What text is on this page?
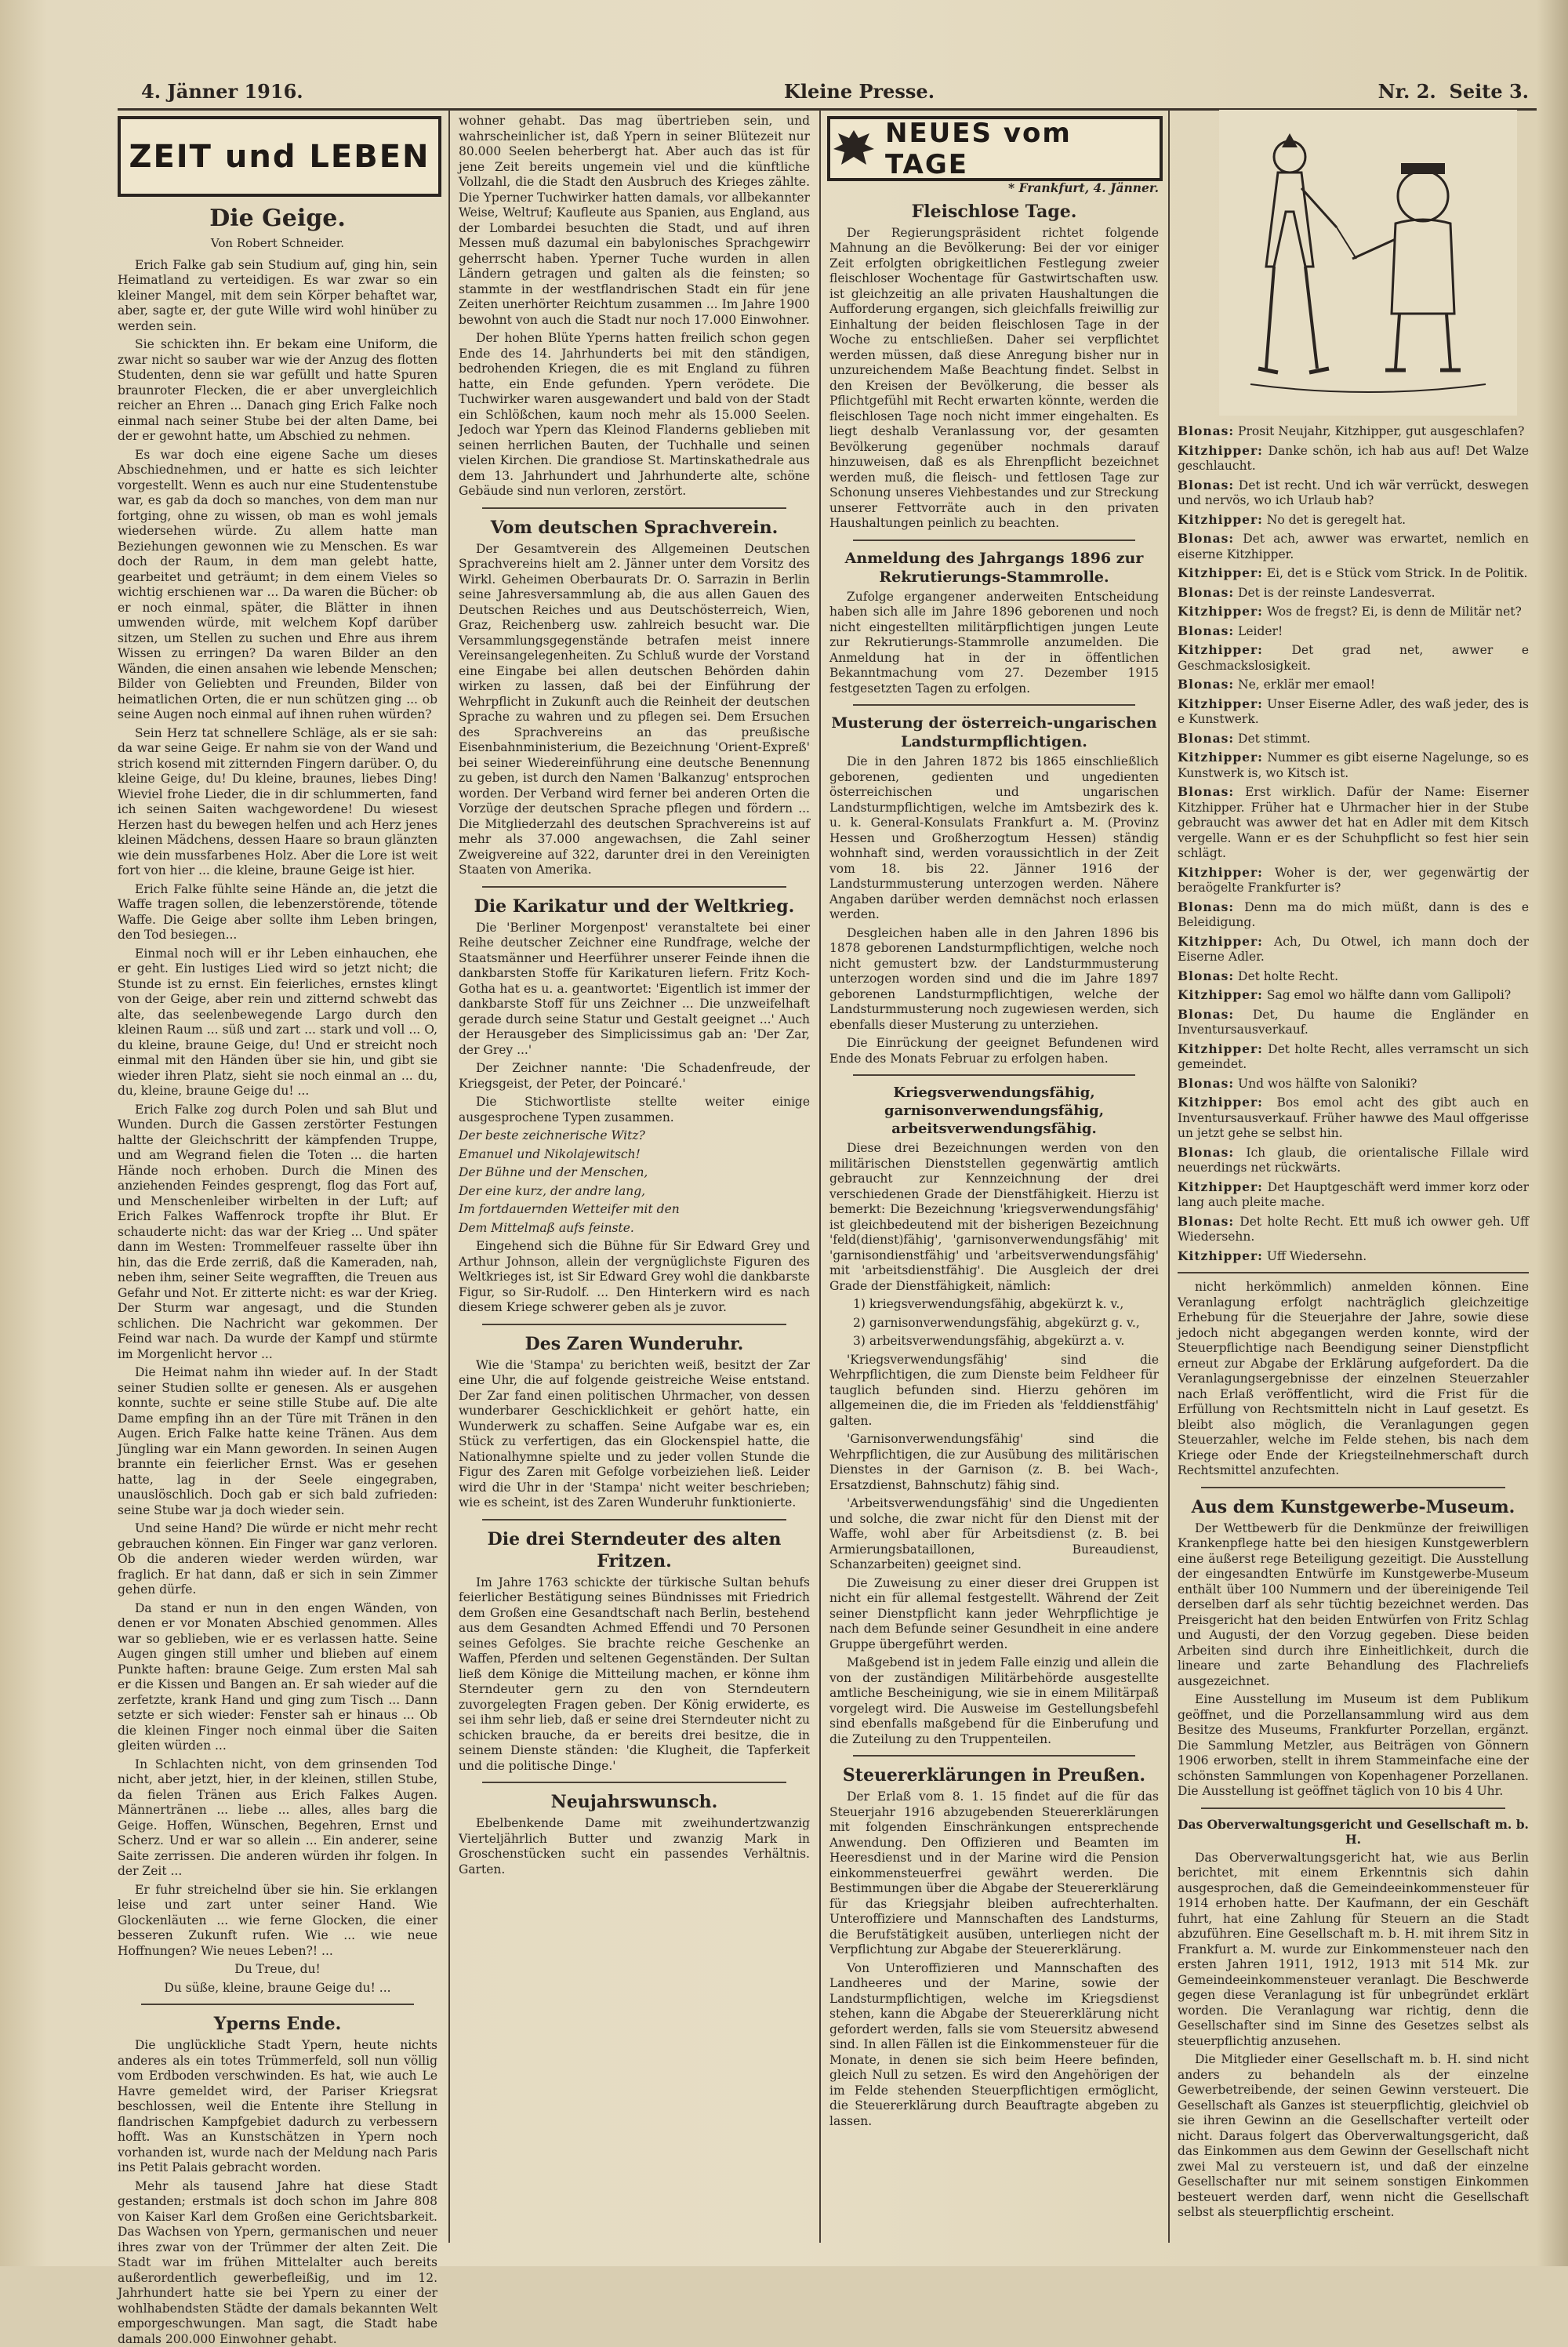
4. Jänner 1916.	Kleine Presse.	Nr. 2. Seite 3.
ZEIT und LEBEN
NEUES vom TAGE
Die Geige.
Von Robert Schneider.

Erich Falke gab sein Studium auf, ging hin, sein Heimatland zu verteidigen. Es war zwar so ein kleiner Mangel, mit dem sein Körper behaftet war, aber, sagte er, der gute Wille wird wohl hinüber zu werden sein.

Sie schickten ihn. Er bekam eine Uniform, die zwar nicht so sauber war wie der Anzug des flotten Studenten, denn sie war gefüllt und hatte Spuren braunroter Flecken, die er aber unvergleichlich reicher an Ehren ... Danach ging Erich Falke noch einmal nach seiner Stube bei der alten Dame, bei der er gewohnt hatte, um Abschied zu nehmen.

Es war doch eine eigene Sache um dieses Abschiednehmen, und er hatte es sich leichter vorgestellt. Wenn es auch nur eine Studentenstube war, es gab da doch so manches, von dem man nur fortging, ohne zu wissen, ob man es wohl jemals wiedersehen würde. Zu allem hatte man Beziehungen gewonnen wie zu Menschen. Es war doch der Raum, in dem man gelebt hatte, gearbeitet und geträumt; in dem einem Vieles so wichtig erschienen war ... Da waren die Bücher: ob er noch einmal, später, die Blätter in ihnen umwenden würde, mit welchem Kopf darüber sitzen, um Stellen zu suchen und Ehre aus ihrem Wissen zu erringen? Da waren Bilder an den Wänden, die einen ansahen wie lebende Menschen; Bilder von Geliebten und Freunden, Bilder von heimatlichen Orten, die er nun schützen ging ... ob seine Augen noch einmal auf ihnen ruhen würden?

Sein Herz tat schnellere Schläge, als er sie sah: da war seine Geige. Er nahm sie von der Wand und strich kosend mit zitternden Fingern darüber. O, du kleine Geige, du! Du kleine, braunes, liebes Ding! Wieviel frohe Lieder, die in dir schlummerten, fand ich seinen Saiten wachgewordene! Du wiesest Herzen hast du bewegen helfen und ach Herz jenes kleinen Mädchens, dessen Haare so braun glänzten wie dein mussfarbenes Holz. Aber die Lore ist weit fort von hier ... die kleine, braune Geige ist hier.

Erich Falke fühlte seine Hände an, die jetzt die Waffe tragen sollen, die lebenzerstörende, tötende Waffe. Die Geige aber sollte ihm Leben bringen, den Tod besiegen...

Einmal noch will er ihr Leben einhauchen, ehe er geht. Ein lustiges Lied wird so jetzt nicht; die Stunde ist zu ernst. Ein feierliches, ernstes klingt von der Geige, aber rein und zitternd schwebt das alte, das seelenbewegende Largo durch den kleinen Raum ... süß und zart ... stark und voll ... O, du kleine, braune Geige, du! Und er streicht noch einmal mit den Händen über sie hin, und gibt sie wieder ihren Platz, sieht sie noch einmal an ... du, du, kleine, braune Geige du! ...

Erich Falke zog durch Polen und sah Blut und Wunden. Durch die Gassen zerstörter Festungen haltte der Gleichschritt der kämpfenden Truppe, und am Wegrand fielen die Toten ... die harten Hände noch erhoben. Durch die Minen des anziehenden Feindes gesprengt, flog das Fort auf, und Menschenleiber wirbelten in der Luft; auf Erich Falkes Waffenrock tropfte ihr Blut. Er schauderte nicht: das war der Krieg ... Und später dann im Westen: Trommelfeuer rasselte über ihn hin, das die Erde zerriß, daß die Kameraden, nah, neben ihm, seiner Seite wegrafften, die Treuen aus Gefahr und Not. Er zitterte nicht: es war der Krieg. Der Sturm war angesagt, und die Stunden schlichen. Die Nachricht war gekommen. Der Feind war nach. Da wurde der Kampf und stürmte im Morgenlicht hervor ...

Die Heimat nahm ihn wieder auf. In der Stadt seiner Studien sollte er genesen. Als er ausgehen konnte, suchte er seine stille Stube auf. Die alte Dame empfing ihn an der Türe mit Tränen in den Augen. Erich Falke hatte keine Tränen. Aus dem Jüngling war ein Mann geworden. In seinen Augen brannte ein feierlicher Ernst. Was er gesehen hatte, lag in der Seele eingegraben, unauslöschlich. Doch gab er sich bald zufrieden: seine Stube war ja doch wieder sein.

Und seine Hand? Die würde er nicht mehr recht gebrauchen können. Ein Finger war ganz verloren. Ob die anderen wieder werden würden, war fraglich. Er hat dann, daß er sich in sein Zimmer gehen dürfe.

Da stand er nun in den engen Wänden, von denen er vor Monaten Abschied genommen. Alles war so geblieben, wie er es verlassen hatte. Seine Augen gingen still umher und blieben auf einem Punkte haften: braune Geige. Zum ersten Mal sah er die Kissen und Bangen an. Er sah wieder auf die zerfetzte, krank Hand und ging zum Tisch ... Dann setzte er sich wieder: Fenster sah er hinaus ... Ob die kleinen Finger noch einmal über die Saiten gleiten würden ...

In Schlachten nicht, von dem grinsenden Tod nicht, aber jetzt, hier, in der kleinen, stillen Stube, da fielen Tränen aus Erich Falkes Augen. Männertränen ... liebe ... alles, alles barg die Geige. Hoffen, Wünschen, Begehren, Ernst und Scherz. Und er war so allein ... Ein anderer, seine Saite zerrissen. Die anderen würden ihr folgen. In der Zeit ...

Er fuhr streichelnd über sie hin. Sie erklangen leise und zart unter seiner Hand. Wie Glockenläuten ... wie ferne Glocken, die einer besseren Zukunft rufen. Wie ... wie neue Hoffnungen? Wie neues Leben?! ...

Du Treue, du!

Du süße, kleine, braune Geige du! ...

Yperns Ende.

Die unglückliche Stadt Ypern, heute nichts anderes als ein totes Trümmerfeld, soll nun völlig vom Erdboden verschwinden. Es hat, wie auch Le Havre gemeldet wird, der Pariser Kriegsrat beschlossen, weil die Entente ihre Stellung in flandrischen Kampfgebiet dadurch zu verbessern hofft. Was an Kunstschätzen in Ypern noch vorhanden ist, wurde nach der Meldung nach Paris ins Petit Palais gebracht worden.

Mehr als tausend Jahre hat diese Stadt gestanden; erstmals ist doch schon im Jahre 808 von Kaiser Karl dem Großen eine Gerichtsbarkeit. Das Wachsen von Ypern, germanischen und neuer ihres zwar von der Trümmer der alten Zeit. Die Stadt war im frühen Mittelalter auch bereits außerordentlich gewerbefleißig, und im 12. Jahrhundert hatte sie bei Ypern zu einer der wohlhabendsten Städte der damals bekannten Welt emporgeschwungen. Man sagt, die Stadt habe damals 200.000 Einwohner gehabt.

wohner gehabt. Das mag übertrieben sein, und wahrscheinlicher ist, daß Ypern in seiner Blütezeit nur 80.000 Seelen beherbergt hat. Aber auch das ist für jene Zeit bereits ungemein viel und die künftliche Vollzahl, die die Stadt den Ausbruch des Krieges zählte. Die Yperner Tuchwirker hatten damals, vor allbekannter Weise, Weltruf; Kaufleute aus Spanien, aus England, aus der Lombardei besuchten die Stadt, und auf ihren Messen muß dazumal ein babylonisches Sprachgewirr geherrscht haben. Yperner Tuche wurden in allen Ländern getragen und galten als die feinsten; so stammte in der westflandrischen Stadt ein für jene Zeiten unerhörter Reichtum zusammen ... Im Jahre 1900 bewohnt von auch die Stadt nur noch 17.000 Einwohner.

Der hohen Blüte Yperns hatten freilich schon gegen Ende des 14. Jahrhunderts bei mit den ständigen, bedrohenden Kriegen, die es mit England zu führen hatte, ein Ende gefunden. Ypern verödete. Die Tuchwirker waren ausgewandert und bald von der Stadt ein Schlößchen, kaum noch mehr als 15.000 Seelen. Jedoch war Ypern das Kleinod Flanderns geblieben mit seinen herrlichen Bauten, der Tuchhalle und seinen vielen Kirchen. Die grandiose St. Martinskathedrale aus dem 13. Jahrhundert und Jahrhunderte alte, schöne Gebäude sind nun verloren, zerstört.

Vom deutschen Sprachverein.

Der Gesamtverein des Allgemeinen Deutschen Sprachvereins hielt am 2. Jänner unter dem Vorsitz des Wirkl. Geheimen Oberbaurats Dr. O. Sarrazin in Berlin seine Jahresversammlung ab, die aus allen Gauen des Deutschen Reiches und aus Deutschösterreich, Wien, Graz, Reichenberg usw. zahlreich besucht war. Die Versammlungsgegenstände betrafen meist innere Vereinsangelegenheiten. Zu Schluß wurde der Vorstand eine Eingabe bei allen deutschen Behörden dahin wirken zu lassen, daß bei der Einführung der Wehrpflicht in Zukunft auch die Reinheit der deutschen Sprache zu wahren und zu pflegen sei. Dem Ersuchen des Sprachvereins an das preußische Eisenbahnministerium, die Bezeichnung 'Orient-Expreß' bei seiner Wiedereinführung eine deutsche Benennung zu geben, ist durch den Namen 'Balkanzug' entsprochen worden. Der Verband wird ferner bei anderen Orten die Vorzüge der deutschen Sprache pflegen und fördern ... Die Mitgliederzahl des deutschen Sprachvereins ist auf mehr als 37.000 angewachsen, die Zahl seiner Zweigvereine auf 322, darunter drei in den Vereinigten Staaten von Amerika.

Die Karikatur und der Weltkrieg.

Die 'Berliner Morgenpost' veranstaltete bei einer Reihe deutscher Zeichner eine Rundfrage, welche der Staatsmänner und Heerführer unserer Feinde ihnen die dankbarsten Stoffe für Karikaturen liefern. Fritz Koch-Gotha hat es u. a. geantwortet: 'Eigentlich ist immer der dankbarste Stoff für uns Zeichner ... Die unzweifelhaft gerade durch seine Statur und Gestalt geeignet ...' Auch der Herausgeber des Simplicissimus gab an: 'Der Zar, der Grey ...'

Der Zeichner nannte: 'Die Schadenfreude, der Kriegsgeist, der Peter, der Poincaré.'

Die Stichwortliste stellte weiter einige ausgesprochene Typen zusammen.

Der beste zeichnerische Witz?

Emanuel und Nikolajewitsch!

Der Bühne und der Menschen,

Der eine kurz, der andre lang,

Im fortdauernden Wetteifer mit den

Dem Mittelmaß aufs feinste.

Eingehend sich die Bühne für Sir Edward Grey und Arthur Johnson, allein der vergnüglichste Figuren des Weltkrieges ist, ist Sir Edward Grey wohl die dankbarste Figur, so Sir-Rudolf. ... Den Hinterkern wird es nach diesem Kriege schwerer geben als je zuvor.

Des Zaren Wunderuhr.

Wie die 'Stampa' zu berichten weiß, besitzt der Zar eine Uhr, die auf folgende geistreiche Weise entstand. Der Zar fand einen politischen Uhrmacher, von dessen wunderbarer Geschicklichkeit er gehört hatte, ein Wunderwerk zu schaffen. Seine Aufgabe war es, ein Stück zu verfertigen, das ein Glockenspiel hatte, die Nationalhymne spielte und zu jeder vollen Stunde die Figur des Zaren mit Gefolge vorbeiziehen ließ. Leider wird die Uhr in der 'Stampa' nicht weiter beschrieben; wie es scheint, ist des Zaren Wunderuhr funktionierte.

Die drei Sterndeuter des alten Fritzen.

Im Jahre 1763 schickte der türkische Sultan behufs feierlicher Bestätigung seines Bündnisses mit Friedrich dem Großen eine Gesandtschaft nach Berlin, bestehend aus dem Gesandten Achmed Effendi und 70 Personen seines Gefolges. Sie brachte reiche Geschenke an Waffen, Pferden und seltenen Gegenständen. Der Sultan ließ dem Könige die Mitteilung machen, er könne ihm Sterndeuter gern zu den von Sterndeutern zuvorgelegten Fragen geben. Der König erwiderte, es sei ihm sehr lieb, daß er seine drei Sterndeuter nicht zu schicken brauche, da er bereits drei besitze, die in seinem Dienste ständen: 'die Klugheit, die Tapferkeit und die politische Dinge.'

Neujahrswunsch.

Ebelbenkende Dame mit zweihundertzwanzig Vierteljährlich Butter und zwanzig Mark in Groschenstücken sucht ein passendes Verhältnis. Garten.

* Frankfurt, 4. Jänner.
Fleischlose Tage.

Der Regierungspräsident richtet folgende Mahnung an die Bevölkerung: Bei der vor einiger Zeit erfolgten obrigkeitlichen Festlegung zweier fleischloser Wochentage für Gastwirtschaften usw. ist gleichzeitig an alle privaten Haushaltungen die Aufforderung ergangen, sich gleichfalls freiwillig zur Einhaltung der beiden fleischlosen Tage in der Woche zu entschließen. Daher sei verpflichtet werden müssen, daß diese Anregung bisher nur in unzureichendem Maße Beachtung findet. Selbst in den Kreisen der Bevölkerung, die besser als Pflichtgefühl mit Recht erwarten könnte, werden die fleischlosen Tage noch nicht immer eingehalten. Es liegt deshalb Veranlassung vor, der gesamten Bevölkerung gegenüber nochmals darauf hinzuweisen, daß es als Ehrenpflicht bezeichnet werden muß, die fleisch- und fettlosen Tage zur Schonung unseres Viehbestandes und zur Streckung unserer Fettvorräte auch in den privaten Haushaltungen peinlich zu beachten.

Anmeldung des Jahrgangs 1896 zur Rekrutierungs-Stammrolle.

Zufolge ergangener anderweiten Entscheidung haben sich alle im Jahre 1896 geborenen und noch nicht eingestellten militärpflichtigen jungen Leute zur Rekrutierungs-Stammrolle anzumelden. Die Anmeldung hat in der in öffentlichen Bekanntmachung vom 27. Dezember 1915 festgesetzten Tagen zu erfolgen.

Musterung der österreich-ungarischen Landsturmpflichtigen.

Die in den Jahren 1872 bis 1865 einschließlich geborenen, gedienten und ungedienten österreichischen und ungarischen Landsturmpflichtigen, welche im Amtsbezirk des k. u. k. General-Konsulats Frankfurt a. M. (Provinz Hessen und Großherzogtum Hessen) ständig wohnhaft sind, werden voraussichtlich in der Zeit vom 18. bis 22. Jänner 1916 der Landsturmmusterung unterzogen werden. Nähere Angaben darüber werden demnächst noch erlassen werden.

Desgleichen haben alle in den Jahren 1896 bis 1878 geborenen Landsturmpflichtigen, welche noch nicht gemustert bzw. der Landsturmmusterung unterzogen worden sind und die im Jahre 1897 geborenen Landsturmpflichtigen, welche der Landsturmmusterung noch zugewiesen werden, sich ebenfalls dieser Musterung zu unterziehen.

Die Einrückung der geeignet Befundenen wird Ende des Monats Februar zu erfolgen haben.

Kriegsverwendungsfähig, garnisonverwendungsfähig, arbeitsverwendungsfähig.

Diese drei Bezeichnungen werden von den militärischen Dienststellen gegenwärtig amtlich gebraucht zur Kennzeichnung der drei verschiedenen Grade der Dienstfähigkeit. Hierzu ist bemerkt: Die Bezeichnung 'kriegsverwendungsfähig' ist gleichbedeutend mit der bisherigen Bezeichnung 'feld(dienst)fähig', 'garnisonverwendungsfähig' mit 'garnisondienstfähig' und 'arbeitsverwendungsfähig' mit 'arbeitsdienstfähig'. Die Ausgleich der drei Grade der Dienstfähigkeit, nämlich:

1) kriegsverwendungsfähig, abgekürzt k. v.,

2) garnisonverwendungsfähig, abgekürzt g. v.,

3) arbeitsverwendungsfähig, abgekürzt a. v.

'Kriegsverwendungsfähig' sind die Wehrpflichtigen, die zum Dienste beim Feldheer für tauglich befunden sind. Hierzu gehören im allgemeinen die, die im Frieden als 'felddienstfähig' galten.

'Garnisonverwendungsfähig' sind die Wehrpflichtigen, die zur Ausübung des militärischen Dienstes in der Garnison (z. B. bei Wach-, Ersatzdienst, Bahnschutz) fähig sind.

'Arbeitsverwendungsfähig' sind die Ungedienten und solche, die zwar nicht für den Dienst mit der Waffe, wohl aber für Arbeitsdienst (z. B. bei Armierungsbataillonen, Bureaudienst, Schanzarbeiten) geeignet sind.

Die Zuweisung zu einer dieser drei Gruppen ist nicht ein für allemal festgestellt. Während der Zeit seiner Dienstpflicht kann jeder Wehrpflichtige je nach dem Befunde seiner Gesundheit in eine andere Gruppe übergeführt werden.

Maßgebend ist in jedem Falle einzig und allein die von der zuständigen Militärbehörde ausgestellte amtliche Bescheinigung, wie sie in einem Militärpaß vorgelegt wird. Die Ausweise im Gestellungsbefehl sind ebenfalls maßgebend für die Einberufung und die Zuteilung zu den Truppenteilen.

Steuererklärungen in Preußen.

Der Erlaß vom 8. 1. 15 findet auf die für das Steuerjahr 1916 abzugebenden Steuererklärungen mit folgenden Einschränkungen entsprechende Anwendung. Den Offizieren und Beamten im Heeresdienst und in der Marine wird die Pension einkommensteuerfrei gewährt werden. Die Bestimmungen über die Abgabe der Steuererklärung für das Kriegsjahr bleiben aufrechterhalten. Unteroffiziere und Mannschaften des Landsturms, die Berufstätigkeit ausüben, unterliegen nicht der Verpflichtung zur Abgabe der Steuererklärung.

Von Unteroffizieren und Mannschaften des Landheeres und der Marine, sowie der Landsturmpflichtigen, welche im Kriegsdienst stehen, kann die Abgabe der Steuererklärung nicht gefordert werden, falls sie vom Steuersitz abwesend sind. In allen Fällen ist die Einkommensteuer für die Monate, in denen sie sich beim Heere befinden, gleich Null zu setzen. Es wird den Angehörigen der im Felde stehenden Steuerpflichtigen ermöglicht, die Steuererklärung durch Beauftragte abgeben zu lassen.

Blonas: Prosit Neujahr, Kitzhipper, gut ausgeschlafen?

Kitzhipper: Danke schön, ich hab aus auf! Det Walze geschlaucht.

Blonas: Det ist recht. Und ich wär verrückt, deswegen und nervös, wo ich Urlaub hab?

Kitzhipper: No det is geregelt hat.

Blonas: Det ach, awwer was erwartet, nemlich en eiserne Kitzhipper.

Kitzhipper: Ei, det is e Stück vom Strick. In de Politik.

Blonas: Det is der reinste Landesverrat.

Kitzhipper: Wos de fregst? Ei, is denn de Militär net?

Blonas: Leider!

Kitzhipper: Det grad net, awwer e Geschmackslosigkeit.

Blonas: Ne, erklär mer emaol!

Kitzhipper: Unser Eiserne Adler, des waß jeder, des is e Kunstwerk.

Blonas: Det stimmt.

Kitzhipper: Nummer es gibt eiserne Nagelunge, so es Kunstwerk is, wo Kitsch ist.

Blonas: Erst wirklich. Dafür der Name: Eiserner Kitzhipper. Früher hat e Uhrmacher hier in der Stube gebraucht was awwer det hat en Adler mit dem Kitsch vergelle. Wann er es der Schuhpflicht so fest hier sein schlägt.

Kitzhipper: Woher is der, wer gegenwärtig der beraögelte Frankfurter is?

Blonas: Denn ma do mich müßt, dann is des e Beleidigung.

Kitzhipper: Ach, Du Otwel, ich mann doch der Eiserne Adler.

Blonas: Det holte Recht.

Kitzhipper: Sag emol wo hälfte dann vom Gallipoli?

Blonas: Det, Du haume die Engländer en Inventursausverkauf.

Kitzhipper: Det holte Recht, alles verramscht un sich gemeindet.

Blonas: Und wos hälfte von Saloniki?

Kitzhipper: Bos emol acht des gibt auch en Inventursausverkauf. Früher hawwe des Maul offgerisse un jetzt gehe se selbst hin.

Blonas: Ich glaub, die orientalische Fillale wird neuerdings net rückwärts.

Kitzhipper: Det Hauptgeschäft werd immer korz oder lang auch pleite mache.

Blonas: Det holte Recht. Ett muß ich owwer geh. Uff Wiedersehn.

Kitzhipper: Uff Wiedersehn.

nicht herkömmlich) anmelden können. Eine Veranlagung erfolgt nachträglich gleichzeitige Erhebung für die Steuerjahre der Jahre, sowie diese jedoch nicht abgegangen werden konnte, wird der Steuerpflichtige nach Beendigung seiner Dienstpflicht erneut zur Abgabe der Erklärung aufgefordert. Da die Veranlagungsergebnisse der einzelnen Steuerzahler nach Erlaß veröffentlicht, wird die Frist für die Erfüllung von Rechtsmitteln nicht in Lauf gesetzt. Es bleibt also möglich, die Veranlagungen gegen Steuerzahler, welche im Felde stehen, bis nach dem Kriege oder Ende der Kriegsteilnehmerschaft durch Rechtsmittel anzufechten.

Aus dem Kunstgewerbe-Museum.

Der Wettbewerb für die Denkmünze der freiwilligen Krankenpflege hatte bei den hiesigen Kunstgewerblern eine äußerst rege Beteiligung gezeitigt. Die Ausstellung der eingesandten Entwürfe im Kunstgewerbe-Museum enthält über 100 Nummern und der übereinigende Teil derselben darf als sehr tüchtig bezeichnet werden. Das Preisgericht hat den beiden Entwürfen von Fritz Schlag und Augusti, der den Vorzug gegeben. Diese beiden Arbeiten sind durch ihre Einheitlichkeit, durch die lineare und zarte Behandlung des Flachreliefs ausgezeichnet.

Eine Ausstellung im Museum ist dem Publikum geöffnet, und die Porzellansammlung wird aus dem Besitze des Museums, Frankfurter Porzellan, ergänzt. Die Sammlung Metzler, aus Beiträgen von Gönnern 1906 erworben, stellt in ihrem Stammeinfache eine der schönsten Sammlungen von Kopenhagener Porzellanen. Die Ausstellung ist geöffnet täglich von 10 bis 4 Uhr.

Das Oberverwaltungsgericht und Gesellschaft m. b. H.

Das Oberverwaltungsgericht hat, wie aus Berlin berichtet, mit einem Erkenntnis sich dahin ausgesprochen, daß die Gemeindeeinkommensteuer für 1914 erhoben hatte. Der Kaufmann, der ein Geschäft fuhrt, hat eine Zahlung für Steuern an die Stadt abzuführen. Eine Gesellschaft m. b. H. mit ihrem Sitz in Frankfurt a. M. wurde zur Einkommensteuer nach den ersten Jahren 1911, 1912, 1913 mit 514 Mk. zur Gemeindeeinkommensteuer veranlagt. Die Beschwerde gegen diese Veranlagung ist für unbegründet erklärt worden. Die Veranlagung war richtig, denn die Gesellschafter sind im Sinne des Gesetzes selbst als steuerpflichtig anzusehen.

Die Mitglieder einer Gesellschaft m. b. H. sind nicht anders zu behandeln als der einzelne Gewerbetreibende, der seinen Gewinn versteuert. Die Gesellschaft als Ganzes ist steuerpflichtig, gleichviel ob sie ihren Gewinn an die Gesellschafter verteilt oder nicht. Daraus folgert das Oberverwaltungsgericht, daß das Einkommen aus dem Gewinn der Gesellschaft nicht zwei Mal zu versteuern ist, und daß der einzelne Gesellschafter nur mit seinem sonstigen Einkommen besteuert werden darf, wenn nicht die Gesellschaft selbst als steuerpflichtig erscheint.
